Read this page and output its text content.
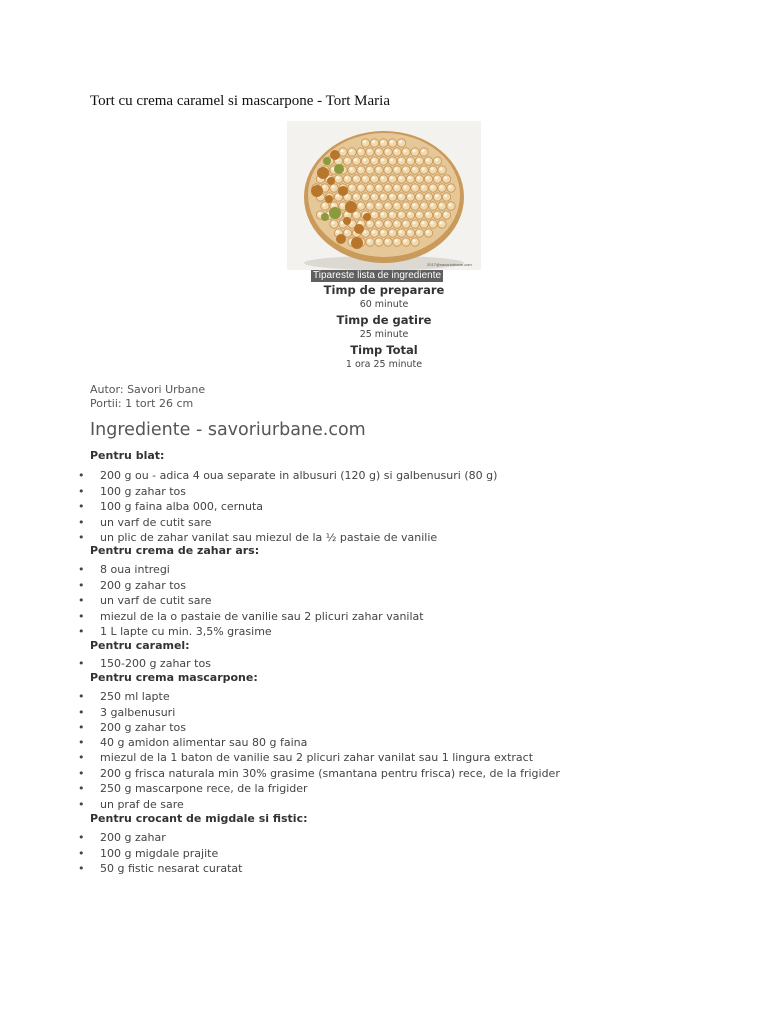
Tort cu crema caramel si mascarpone - Tort Maria
2017@savoriurbane.com
Tipareste lista de ingrediente
Timp de preparare
60 minute
Timp de gatire
25 minute
Timp Total
1 ora 25 minute
Autor: Savori Urbane
Portii: 1 tort 26 cm
Ingrediente - savoriurbane.com
Pentru blat:
• 200 g ou - adica 4 oua separate in albusuri (120 g) si galbenusuri (80 g)
• 100 g zahar tos
• 100 g faina alba 000, cernuta
• un varf de cutit sare
• un plic de zahar vanilat sau miezul de la ½ pastaie de vanilie
Pentru crema de zahar ars:
• 8 oua intregi
• 200 g zahar tos
• un varf de cutit sare
• miezul de la o pastaie de vanilie sau 2 plicuri zahar vanilat
• 1 L lapte cu min. 3,5% grasime
Pentru caramel:
• 150-200 g zahar tos
Pentru crema mascarpone:
• 250 ml lapte
• 3 galbenusuri
• 200 g zahar tos
• 40 g amidon alimentar sau 80 g faina
• miezul de la 1 baton de vanilie sau 2 plicuri zahar vanilat sau 1 lingura extract
• 200 g frisca naturala min 30% grasime (smantana pentru frisca) rece, de la frigider
• 250 g mascarpone rece, de la frigider
• un praf de sare
Pentru crocant de migdale si fistic:
• 200 g zahar
• 100 g migdale prajite
• 50 g fistic nesarat curatat
